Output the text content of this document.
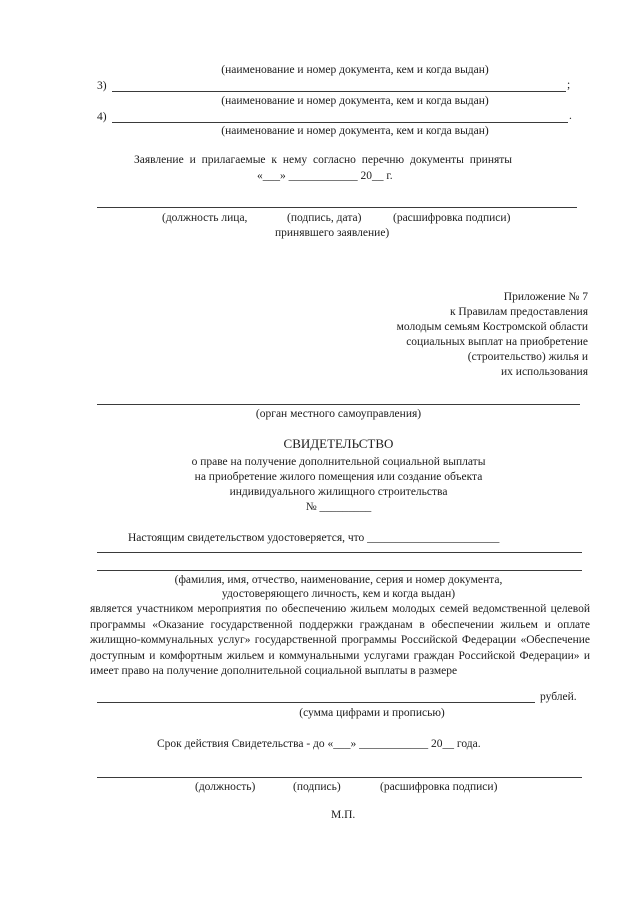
(наименование и номер документа, кем и когда выдан)
3)	;
(наименование и номер документа, кем и когда выдан)
4)	.
(наименование и номер документа, кем и когда выдан)
Заявление и прилагаемые к нему согласно перечню документы приняты
«___» ____________ 20__ г.
(должность лица,	(подпись, дата)	(расшифровка подписи)
принявшего заявление)
Приложение № 7
к Правилам предоставления
молодым семьям Костромской области
социальных выплат на приобретение
(строительство) жилья и
их использования
(орган местного самоуправления)
СВИДЕТЕЛЬСТВО
о праве на получение дополнительной социальной выплаты
на приобретение жилого помещения или создание объекта
индивидуального жилищного строительства
№ _________
Настоящим свидетельством удостоверяется, что _______________________
(фамилия, имя, отчество, наименование, серия и номер документа,
удостоверяющего личность, кем и когда выдан)
является участником мероприятия по обеспечению жильем молодых семей ведомственной целевой программы «Оказание государственной поддержки гражданам в обеспечении жильем и оплате жилищно-коммунальных услуг» государственной программы Российской Федерации «Обеспечение доступным и комфортным жильем и коммунальными услугами граждан Российской Федерации» и имеет право на получение дополнительной социальной выплаты в размере
рублей.
(сумма цифрами и прописью)
Срок действия Свидетельства - до «___» ____________ 20__ года.
(должность)	(подпись)	(расшифровка подписи)
М.П.
